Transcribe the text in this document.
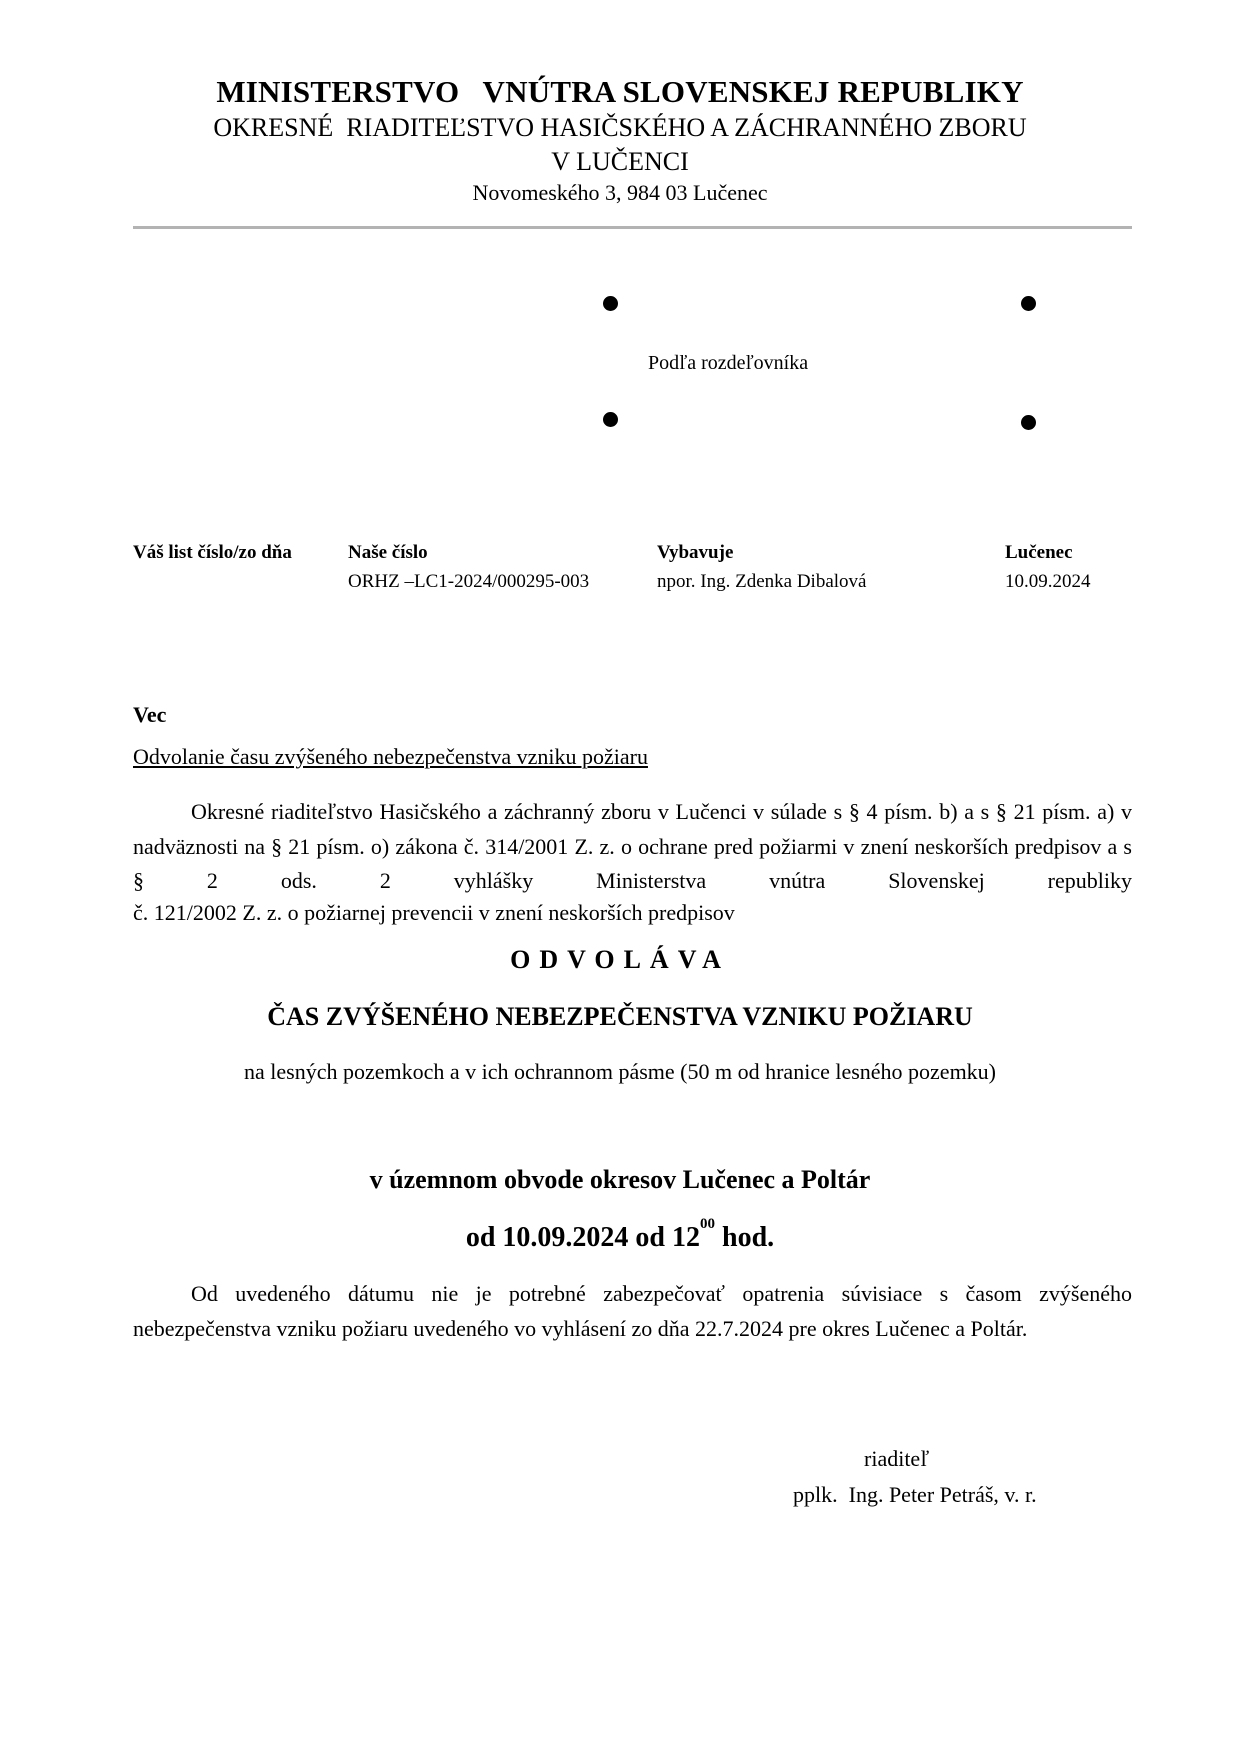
MINISTERSTVO   VNÚTRA SLOVENSKEJ REPUBLIKY
OKRESNÉ  RIADITEĽSTVO HASIČSKÉHO A ZÁCHRANNÉHO ZBORU
V LUČENCI
Novomeského 3, 984 03 Lučenec
Podľa rozdeľovníka
Váš list číslo/zo dňa	Naše číslo
ORHZ –LC1-2024/000295-003
Vybavuje
npor. Ing. Zdenka Dibalová
Lučenec
10.09.2024
Vec
Odvolanie času zvýšeného nebezpečenstva vzniku požiaru
Okresné riaditeľstvo Hasičského a záchranný zboru v Lučenci v súlade s § 4 písm. b) a s § 21 písm. a) v nadväznosti na § 21 písm. o) zákona č. 314/2001 Z. z. o ochrane pred požiarmi v znení neskorších predpisov a s § 2 ods. 2 vyhlášky Ministerstva vnútra Slovenskej republiky
č. 121/2002 Z. z. o požiarnej prevencii v znení neskorších predpisov
ODVOLÁVA
ČAS ZVÝŠENÉHO NEBEZPEČENSTVA VZNIKU POŽIARU
na lesných pozemkoch a v ich ochrannom pásme (50 m od hranice lesného pozemku)
v územnom obvode okresov Lučenec a Poltár
od 10.09.2024 od $12^{00}$ hod.
Od uvedeného dátumu nie je potrebné zabezpečovať opatrenia súvisiace s časom zvýšeného nebezpečenstva vzniku požiaru uvedeného vo vyhlásení zo dňa 22.7.2024 pre okres Lučenec a Poltár.
riaditeľ
pplk.  Ing. Peter Petráš, v. r.
